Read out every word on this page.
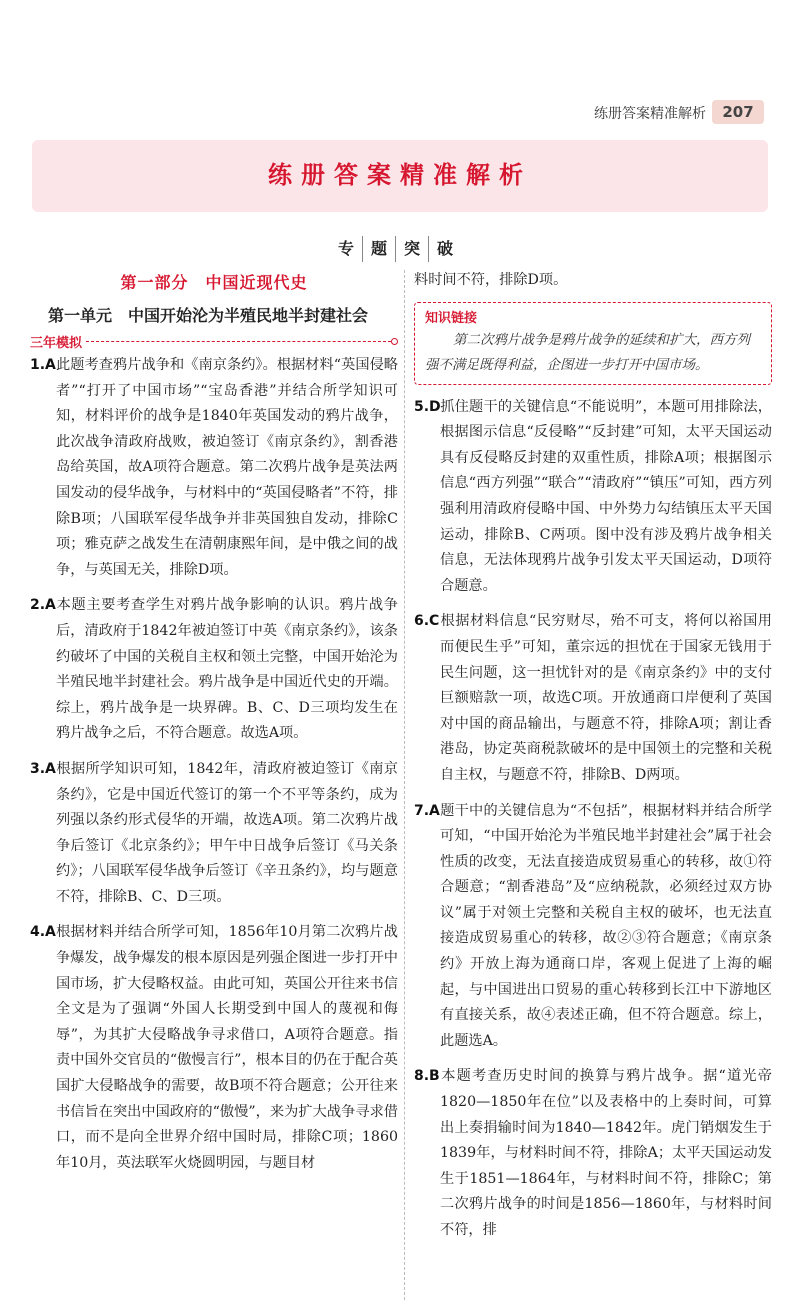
练册答案精准解析	207
练册答案精准解析
专	题	突	破
第一部分　中国近现代史
第一单元　中国开始沦为半殖民地半封建社会
三年模拟
1.A此题考查鸦片战争和《南京条约》。根据材料“英国侵略者”“打开了中国市场”“宝岛香港”并结合所学知识可知，材料评价的战争是1840年英国发动的鸦片战争，此次战争清政府战败，被迫签订《南京条约》，割香港岛给英国，故A项符合题意。第二次鸦片战争是英法两国发动的侵华战争，与材料中的“英国侵略者”不符，排除B项；八国联军侵华战争并非英国独自发动，排除C项；雅克萨之战发生在清朝康熙年间，是中俄之间的战争，与英国无关，排除D项。
2.A本题主要考查学生对鸦片战争影响的认识。鸦片战争后，清政府于1842年被迫签订中英《南京条约》，该条约破坏了中国的关税自主权和领土完整，中国开始沦为半殖民地半封建社会。鸦片战争是中国近代史的开端。综上，鸦片战争是一块界碑。B、C、D三项均发生在鸦片战争之后，不符合题意。故选A项。
3.A根据所学知识可知，1842年，清政府被迫签订《南京条约》，它是中国近代签订的第一个不平等条约，成为列强以条约形式侵华的开端，故选A项。第二次鸦片战争后签订《北京条约》；甲午中日战争后签订《马关条约》；八国联军侵华战争后签订《辛丑条约》，均与题意不符，排除B、C、D三项。
4.A根据材料并结合所学可知，1856年10月第二次鸦片战争爆发，战争爆发的根本原因是列强企图进一步打开中国市场，扩大侵略权益。由此可知，英国公开往来书信全文是为了强调“外国人长期受到中国人的蔑视和侮辱”，为其扩大侵略战争寻求借口，A项符合题意。指责中国外交官员的“傲慢言行”，根本目的仍在于配合英国扩大侵略战争的需要，故B项不符合题意；公开往来书信旨在突出中国政府的“傲慢”，来为扩大战争寻求借口，而不是向全世界介绍中国时局，排除C项；1860年10月，英法联军火烧圆明园，与题目材
料时间不符，排除D项。
知识链接
第二次鸦片战争是鸦片战争的延续和扩大，西方列强不满足既得利益，企图进一步打开中国市场。
5.D抓住题干的关键信息“不能说明”，本题可用排除法，根据图示信息“反侵略”“反封建”可知，太平天国运动具有反侵略反封建的双重性质，排除A项；根据图示信息“西方列强”“联合”“清政府”“镇压”可知，西方列强利用清政府侵略中国、中外势力勾结镇压太平天国运动，排除B、C两项。图中没有涉及鸦片战争相关信息，无法体现鸦片战争引发太平天国运动，D项符合题意。
6.C根据材料信息“民穷财尽，殆不可支，将何以裕国用而便民生乎”可知，董宗远的担忧在于国家无钱用于民生问题，这一担忧针对的是《南京条约》中的支付巨额赔款一项，故选C项。开放通商口岸便利了英国对中国的商品输出，与题意不符，排除A项；割让香港岛，协定英商税款破坏的是中国领土的完整和关税自主权，与题意不符，排除B、D两项。
7.A题干中的关键信息为“不包括”，根据材料并结合所学可知，“中国开始沦为半殖民地半封建社会”属于社会性质的改变，无法直接造成贸易重心的转移，故①符合题意；“割香港岛”及“应纳税款，必须经过双方协议”属于对领土完整和关税自主权的破坏，也无法直接造成贸易重心的转移，故②③符合题意；《南京条约》开放上海为通商口岸，客观上促进了上海的崛起，与中国进出口贸易的重心转移到长江中下游地区有直接关系，故④表述正确，但不符合题意。综上，此题选A。
8.B本题考查历史时间的换算与鸦片战争。据“道光帝1820—1850年在位”以及表格中的上奏时间，可算出上奏捐输时间为1840—1842年。虎门销烟发生于1839年，与材料时间不符，排除A；太平天国运动发生于1851—1864年，与材料时间不符，排除C；第二次鸦片战争的时间是1856—1860年，与材料时间不符，排
